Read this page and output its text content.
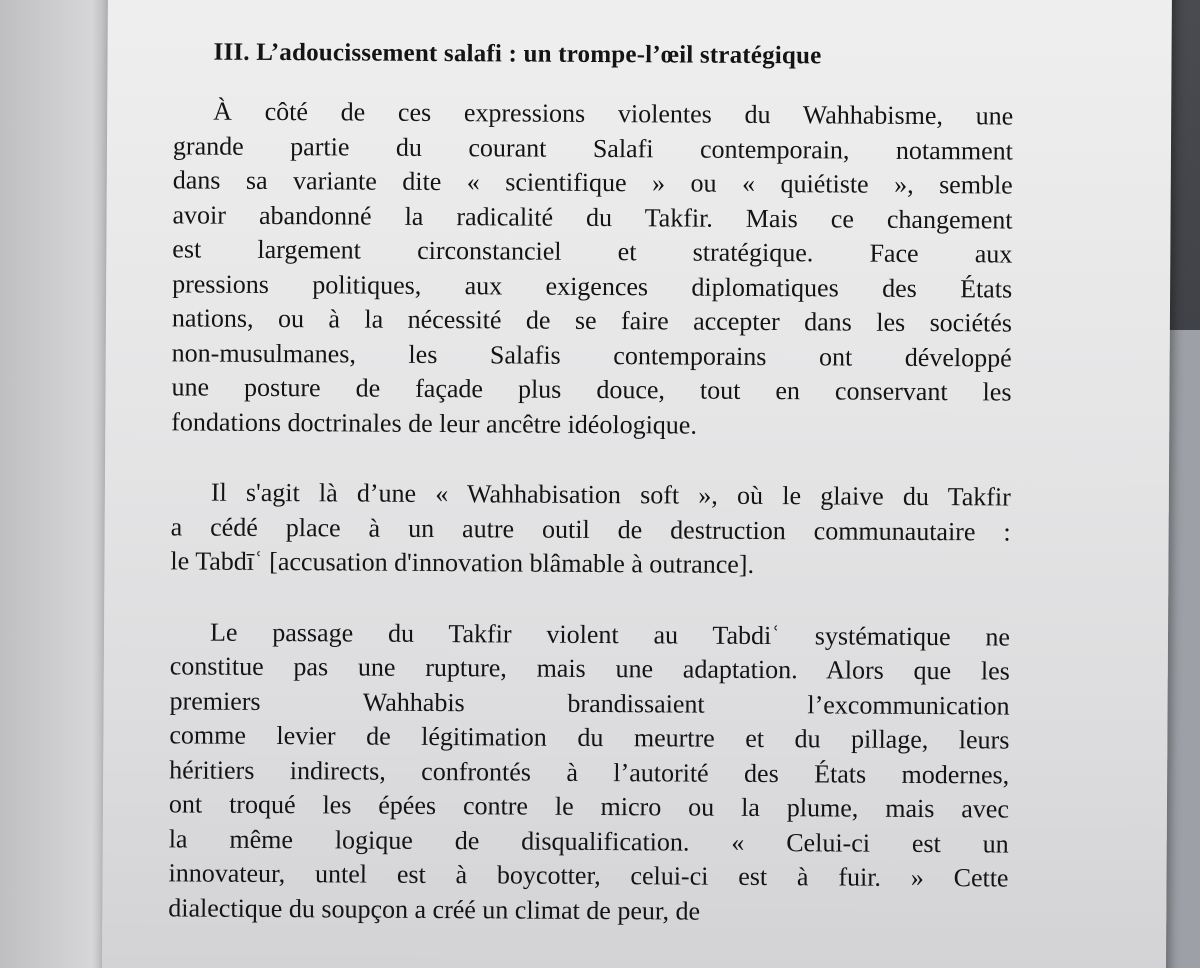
III. L’adoucissement salafi : un trompe-l’œil stratégique
À côté de ces expressions violentes du Wahhabisme, une
grande partie du courant Salafi contemporain, notamment
dans sa variante dite « scientifique » ou « quiétiste », semble
avoir abandonné la radicalité du Takfir. Mais ce changement
est largement circonstanciel et stratégique. Face aux
pressions politiques, aux exigences diplomatiques des États
nations, ou à la nécessité de se faire accepter dans les sociétés
non-musulmanes, les Salafis contemporains ont développé
une posture de façade plus douce, tout en conservant les
fondations doctrinales de leur ancêtre idéologique.
Il s'agit là d’une « Wahhabisation soft », où le glaive du Takfir
a cédé place à un autre outil de destruction communautaire :
le Tabdīʿ [accusation d'innovation blâmable à outrance].
Le passage du Takfir violent au Tabdiʿ systématique ne
constitue pas une rupture, mais une adaptation. Alors que les
premiers Wahhabis brandissaient l’excommunication
comme levier de légitimation du meurtre et du pillage, leurs
héritiers indirects, confrontés à l’autorité des États modernes,
ont troqué les épées contre le micro ou la plume, mais avec
la même logique de disqualification. « Celui-ci est un
innovateur, untel est à boycotter, celui-ci est à fuir. » Cette
dialectique du soupçon a créé un climat de peur, de
